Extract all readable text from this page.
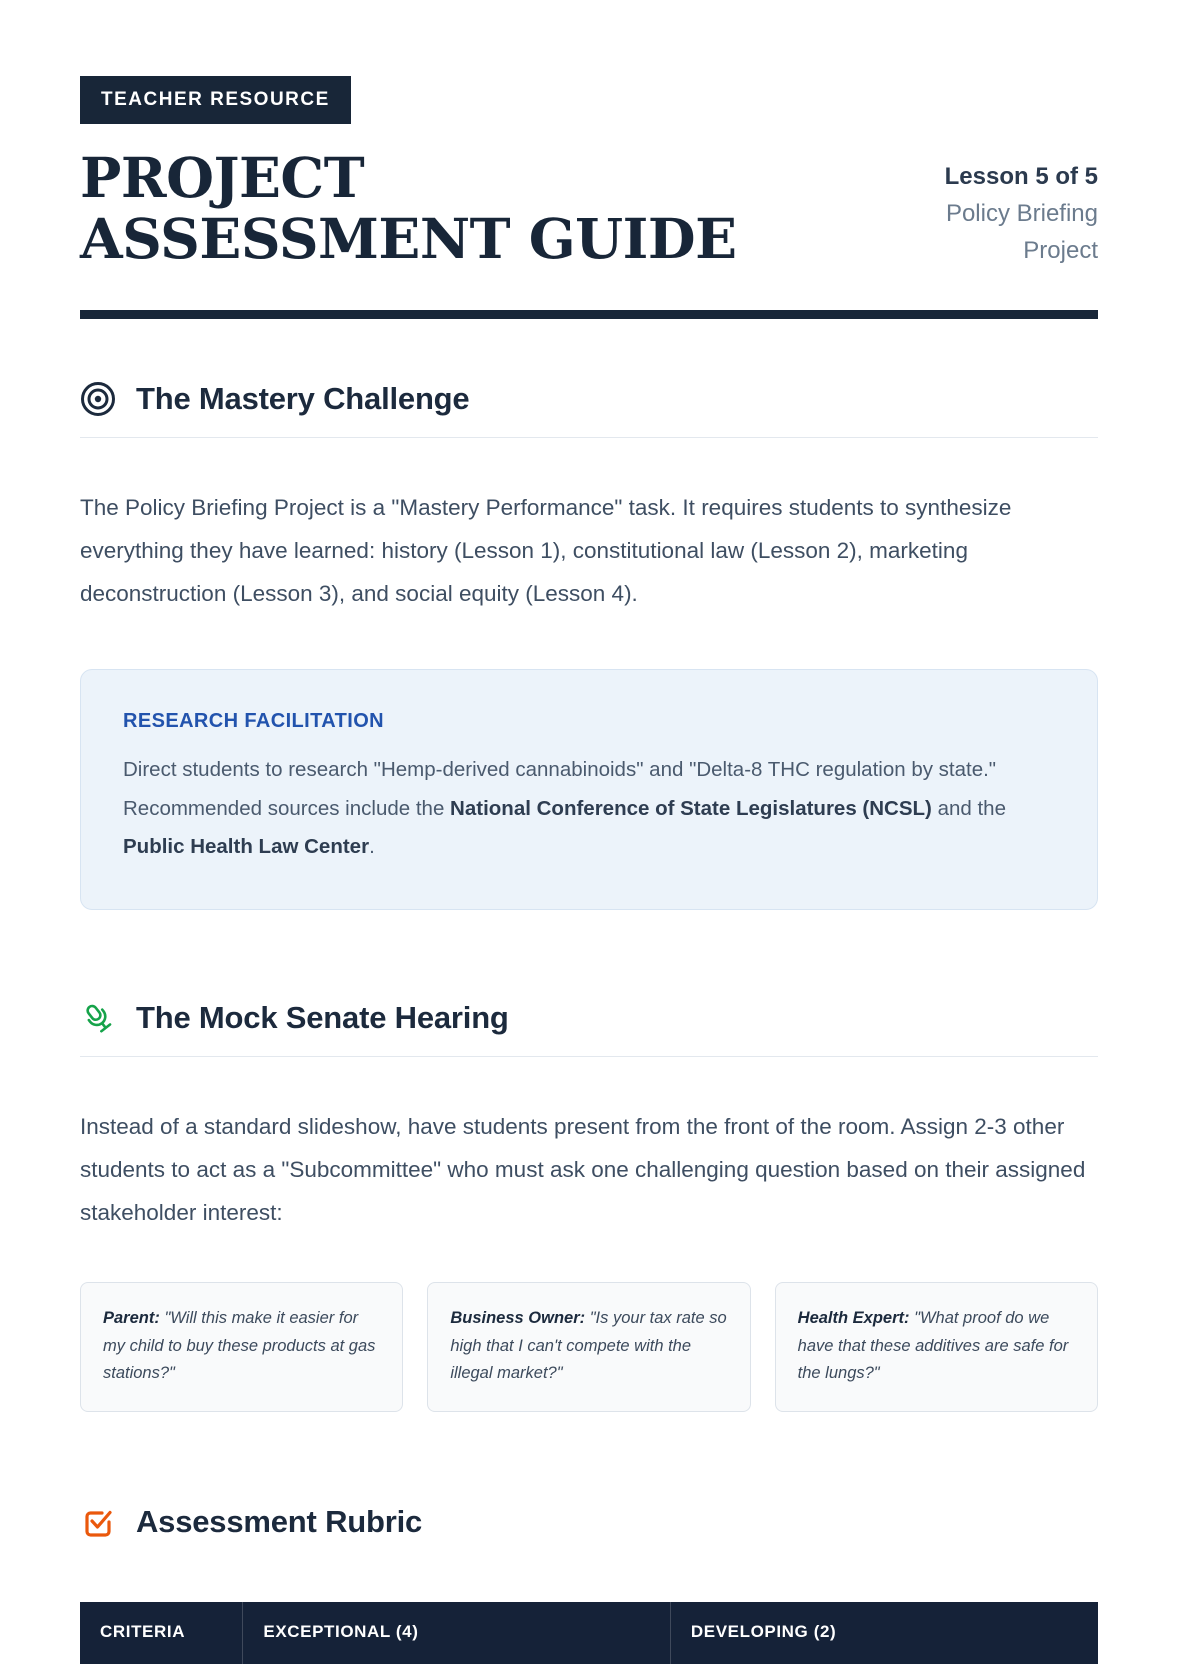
TEACHER RESOURCE
PROJECT ASSESSMENT GUIDE
Lesson 5 of 5
Policy Briefing
Project
The Mastery Challenge

The Policy Briefing Project is a "Mastery Performance" task. It requires students to synthesize everything they have learned: history (Lesson 1), constitutional law (Lesson 2), marketing deconstruction (Lesson 3), and social equity (Lesson 4).

RESEARCH FACILITATION
Direct students to research "Hemp-derived cannabinoids" and "Delta-8 THC regulation by state." Recommended sources include the National Conference of State Legislatures (NCSL) and the Public Health Law Center.
The Mock Senate Hearing

Instead of a standard slideshow, have students present from the front of the room. Assign 2-3 other students to act as a "Subcommittee" who must ask one challenging question based on their assigned stakeholder interest:

Parent: "Will this make it easier for my child to buy these products at gas stations?"
Business Owner: "Is your tax rate so high that I can't compete with the illegal market?"
Health Expert: "What proof do we have that these additives are safe for the lungs?"
Assessment Rubric
CRITERIA	EXCEPTIONAL (4)	DEVELOPING (2)
